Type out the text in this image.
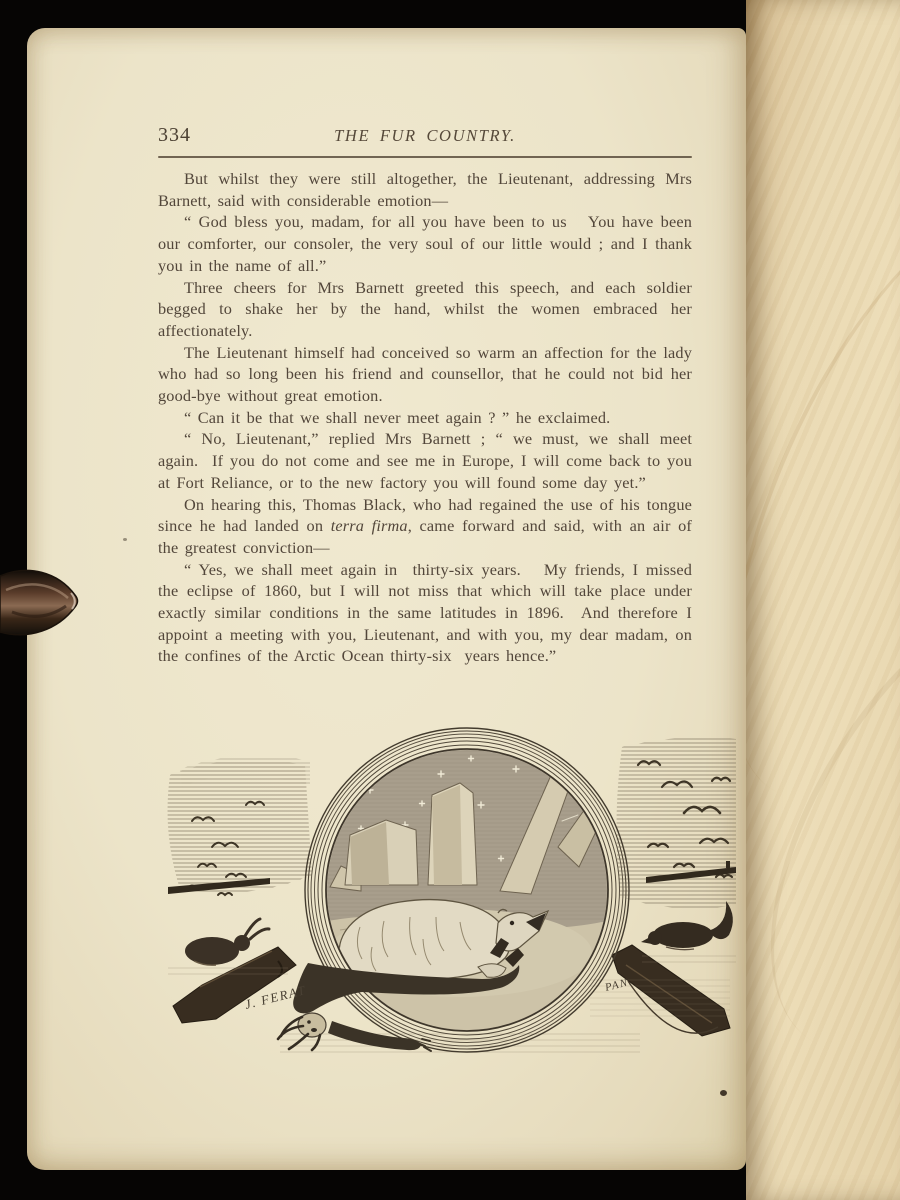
334	THE FUR COUNTRY.

But whilst they were still altogether, the Lieutenant, addressing Mrs Barnett, said with considerable emotion—

“ God bless you, madam, for all you have been to us   You have been our comforter, our consoler, the very soul of our little would ; and I thank you in the name of all.”

Three cheers for Mrs Barnett greeted this speech, and each soldier begged to shake her by the hand, whilst the women embraced her affectionately.

The Lieutenant himself had conceived so warm an affection for the lady who had so long been his friend and counsellor, that he could not bid her good-bye without great emotion.

“ Can it be that we shall never meet again ? ” he exclaimed.

“ No, Lieutenant,” replied Mrs Barnett ; “ we must, we shall meet again.  If you do not come and see me in Europe, I will come back to you at Fort Reliance, or to the new factory you will found some day yet.”

On hearing this, Thomas Black, who had regained the use of his tongue since he had landed on terra firma, came forward and said, with an air of the greatest conviction—

“ Yes, we shall meet again in  thirty-six years.   My friends, I missed the eclipse of 1860, but I will not miss that which will take place under exactly similar conditions in the same latitudes in 1896.  And therefore I appoint a meeting with you, Lieutenant, and with you, my dear madam, on the confines of the Arctic Ocean thirty-six  years hence.”

J. FERAT	PAN.
